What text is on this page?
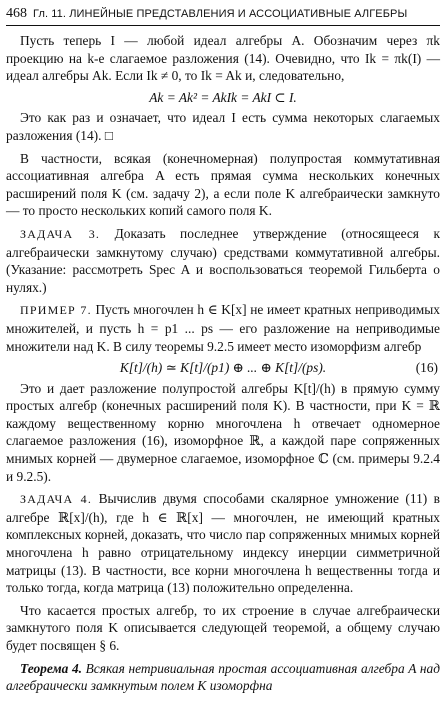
468 Гл. 11. ЛИНЕЙНЫЕ ПРЕДСТАВЛЕНИЯ И АССОЦИАТИВНЫЕ АЛГЕБРЫ

Пусть теперь I — любой идеал алгебры A. Обозначим через πk проекцию на k-е слагаемое разложения (14). Очевидно, что Ik = πk(I) — идеал алгебры Ak. Если Ik ≠ 0, то Ik = Ak и, следовательно,

Ak = Ak² = AkIk = AkI ⊂ I.

Это как раз и означает, что идеал I есть сумма некоторых слагаемых разложения (14). □

В частности, всякая (конечномерная) полупростая коммутативная ассоциативная алгебра A есть прямая сумма нескольких конечных расширений поля K (см. задачу 2), а если поле K алгебраически замкнуто — то просто нескольких копий самого поля K.

ЗАДАЧА 3. Доказать последнее утверждение (относящееся к алгебраически замкнутому случаю) средствами коммутативной алгебры. (Указание: рассмотреть Spec A и воспользоваться теоремой Гильберта о нулях.)

ПРИМЕР 7. Пусть многочлен h ∈ K[x] не имеет кратных неприводимых множителей, и пусть h = p1 ... ps — его разложение на неприводимые множители над K. В силу теоремы 9.2.5 имеет место изоморфизм алгебр

K[t]/(h) ≃ K[t]/(p1) ⊕ ... ⊕ K[t]/(ps).	(16)

Это и дает разложение полупростой алгебры K[t]/(h) в прямую сумму простых алгебр (конечных расширений поля K). В частности, при K = ℝ каждому вещественному корню многочлена h отвечает одномерное слагаемое разложения (16), изоморфное ℝ, а каждой паре сопряженных мнимых корней — двумерное слагаемое, изоморфное ℂ (см. примеры 9.2.4 и 9.2.5).

ЗАДАЧА 4. Вычислив двумя способами скалярное умножение (11) в алгебре ℝ[x]/(h), где h ∈ ℝ[x] — многочлен, не имеющий кратных комплексных корней, доказать, что число пар сопряженных мнимых корней многочлена h равно отрицательному индексу инерции симметричной матрицы (13). В частности, все корни многочлена h вещественны тогда и только тогда, когда матрица (13) положительно определенна.

Что касается простых алгебр, то их строение в случае алгебраически замкнутого поля K описывается следующей теоремой, а общему случаю будет посвящен § 6.

Теорема 4. Всякая нетривиальная простая ассоциативная алгебра A над алгебраически замкнутым полем K изоморфна
